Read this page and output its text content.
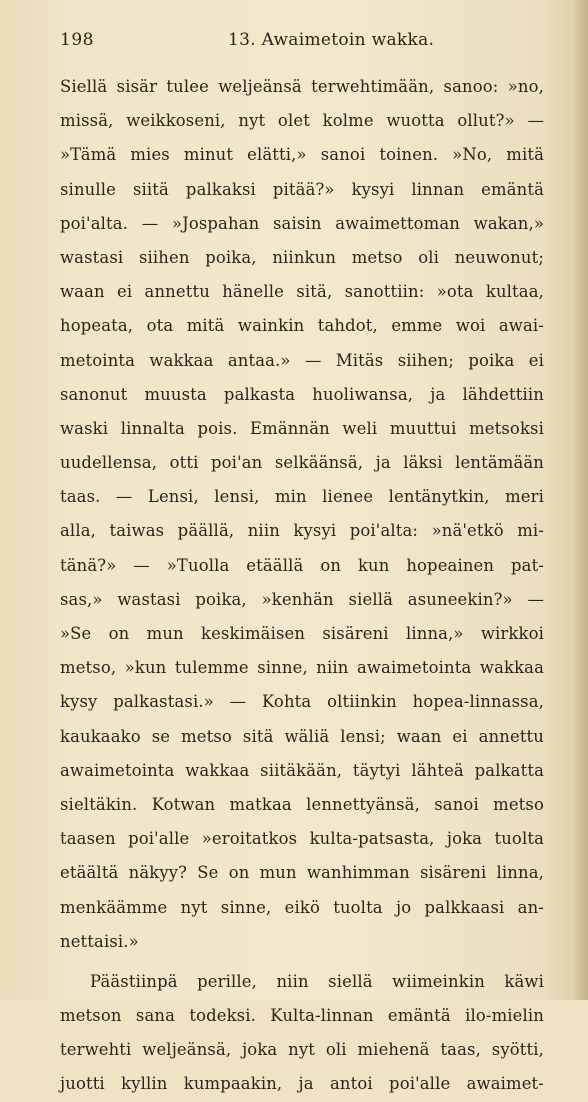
198	13. Awaimetoin wakka.
Siellä sisär tulee weljeänsä terwehtimään, sanoo: »no,
missä, weikkoseni, nyt olet kolme wuotta ollut?» —
»Tämä mies minut elätti,» sanoi toinen. »No, mitä
sinulle siitä palkaksi pitää?» kysyi linnan emäntä
poi'alta. — »Jospahan saisin awaimettoman wakan,»
wastasi siihen poika, niinkun metso oli neuwonut;
waan ei annettu hänelle sitä, sanottiin: »ota kultaa,
hopeata, ota mitä wainkin tahdot, emme woi awai-
metointa wakkaa antaa.» — Mitäs siihen; poika ei
sanonut muusta palkasta huoliwansa, ja lähdettiin
waski linnalta pois. Emännän weli muuttui metsoksi
uudellensa, otti poi'an selkäänsä, ja läksi lentämään
taas. — Lensi, lensi, min lienee lentänytkin, meri
alla, taiwas päällä, niin kysyi poi'alta: »nä'etkö mi-
tänä?» — »Tuolla etäällä on kun hopeainen pat-
sas,» wastasi poika, »kenhän siellä asuneekin?» —
»Se on mun keskimäisen sisäreni linna,» wirkkoi
metso, »kun tulemme sinne, niin awaimetointa wakkaa
kysy palkastasi.» — Kohta oltiinkin hopea-linnassa,
kaukaako se metso sitä wäliä lensi; waan ei annettu
awaimetointa wakkaa siitäkään, täytyi lähteä palkatta
sieltäkin. Kotwan matkaa lennettyänsä, sanoi metso
taasen poi'alle »eroitatkos kulta-patsasta, joka tuolta
etäältä näkyy? Se on mun wanhimman sisäreni linna,
menkäämme nyt sinne, eikö tuolta jo palkkaasi an-
nettaisi.»
Päästiinpä perille, niin siellä wiimeinkin käwi
metson sana todeksi. Kulta-linnan emäntä ilo-mielin
terwehti weljeänsä, joka nyt oli miehenä taas, syötti,
juotti kyllin kumpaakin, ja antoi poi'alle awaimet-
